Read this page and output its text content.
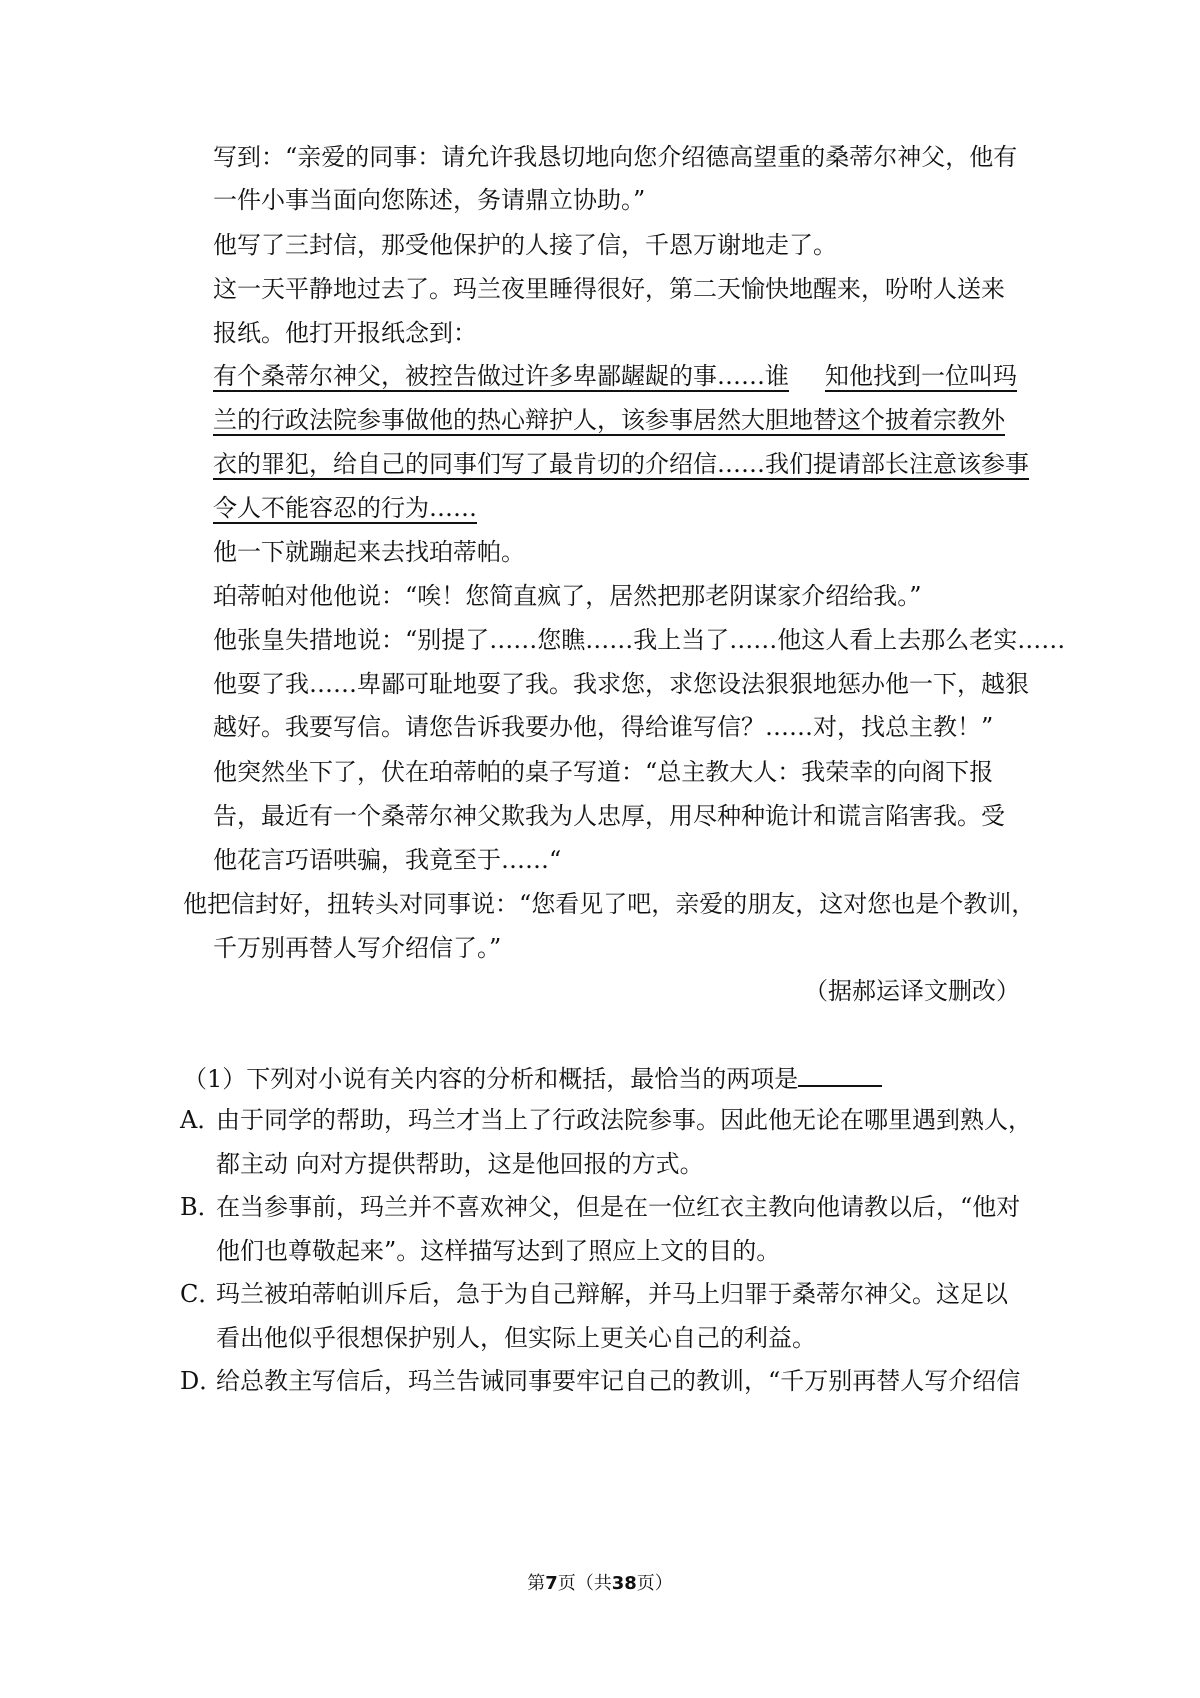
写到：“亲爱的同事：请允许我恳切地向您介绍德高望重的桑蒂尔神父，他有
一件小事当面向您陈述，务请鼎立协助。”
他写了三封信，那受他保护的人接了信，千恩万谢地走了。
这一天平静地过去了。玛兰夜里睡得很好，第二天愉快地醒来，吩咐人送来
报纸。他打开报纸念到：
有个桑蒂尔神父，被控告做过许多卑鄙龌龊的事……谁 知他找到一位叫玛
兰的行政法院参事做他的热心辩护人，该参事居然大胆地替这个披着宗教外
衣的罪犯，给自己的同事们写了最肯切的介绍信……我们提请部长注意该参事
令人不能容忍的行为……
他一下就蹦起来去找珀蒂帕。
珀蒂帕对他他说：“唉！您简直疯了，居然把那老阴谋家介绍给我。”
他张皇失措地说：“别提了……您瞧……我上当了……他这人看上去那么老实……
他耍了我……卑鄙可耻地耍了我。我求您，求您设法狠狠地惩办他一下，越狠
越好。我要写信。请您告诉我要办他，得给谁写信？……对，找总主教！”
他突然坐下了，伏在珀蒂帕的桌子写道：“总主教大人：我荣幸的向阁下报
告，最近有一个桑蒂尔神父欺我为人忠厚，用尽种种诡计和谎言陷害我。受
他花言巧语哄骗，我竟至于……“
他把信封好，扭转头对同事说：“您看见了吧，亲爱的朋友，这对您也是个教训，
千万别再替人写介绍信了。”
（据郝运译文删改）
（1）下列对小说有关内容的分析和概括，最恰当的两项是
A．由于同学的帮助，玛兰才当上了行政法院参事。因此他无论在哪里遇到熟人，
都主动 向对方提供帮助，这是他回报的方式。
B．在当参事前，玛兰并不喜欢神父，但是在一位红衣主教向他请教以后，“他对
他们也尊敬起来”。这样描写达到了照应上文的目的。
C．玛兰被珀蒂帕训斥后，急于为自己辩解，并马上归罪于桑蒂尔神父。这足以
看出他似乎很想保护别人，但实际上更关心自己的利益。
D．给总教主写信后，玛兰告诫同事要牢记自己的教训，“千万别再替人写介绍信
第7页（共38页）
